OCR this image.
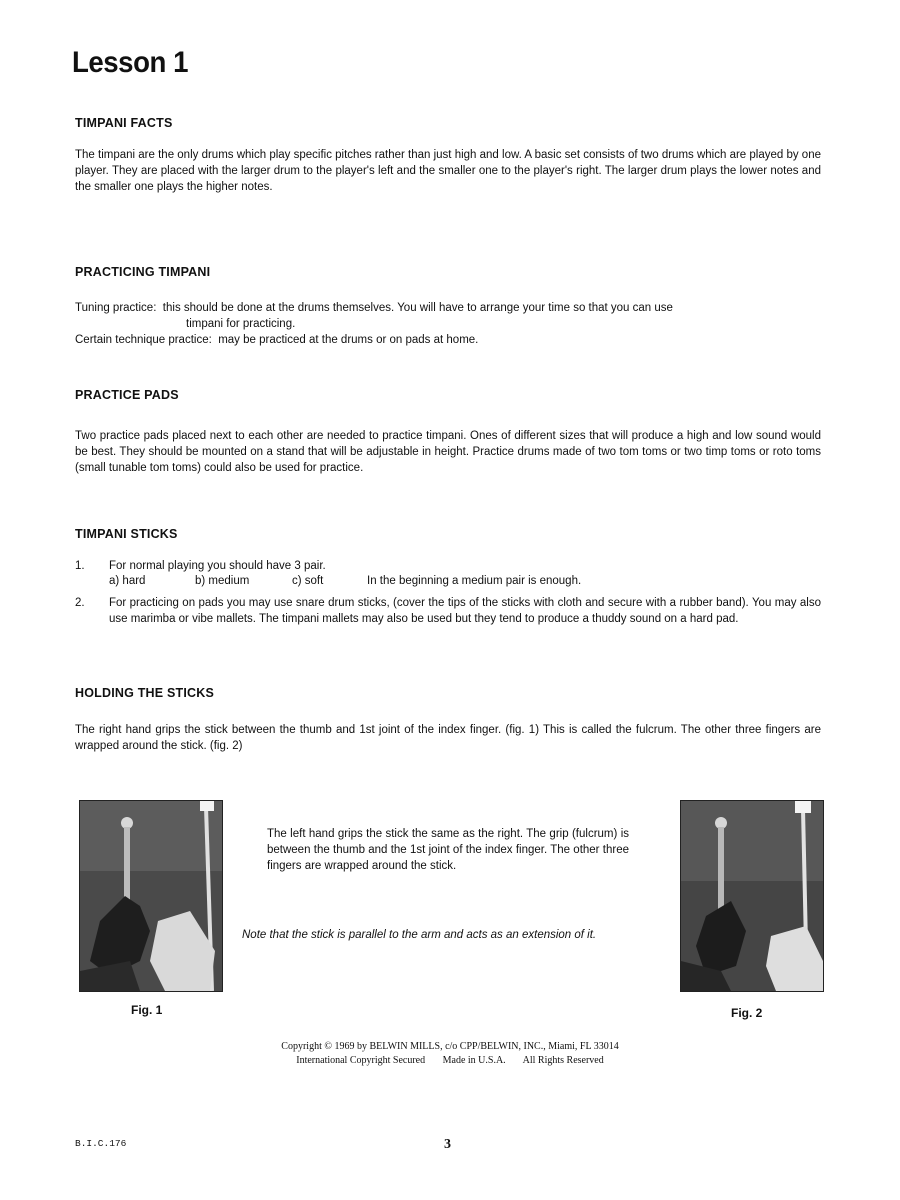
Lesson 1
TIMPANI FACTS
The timpani are the only drums which play specific pitches rather than just high and low. A basic set consists of two drums which are played by one player. They are placed with the larger drum to the player's left and the smaller one to the player's right. The larger drum plays the lower notes and the smaller one plays the higher notes.
PRACTICING TIMPANI
Tuning practice: this should be done at the drums themselves. You will have to arrange your time so that you can use
timpani for practicing.
Certain technique practice: may be practiced at the drums or on pads at home.
PRACTICE PADS
Two practice pads placed next to each other are needed to practice timpani. Ones of different sizes that will produce a high and low sound would be best. They should be mounted on a stand that will be adjustable in height. Practice drums made of two tom toms or two timp toms or roto toms (small tunable tom toms) could also be used for practice.
TIMPANI STICKS
1. For normal playing you should have 3 pair.
a) hard	b) medium	c) soft	In the beginning a medium pair is enough.
2.	For practicing on pads you may use snare drum sticks, (cover the tips of the sticks with cloth and secure with a rubber band). You may also use marimba or vibe mallets. The timpani mallets may also be used but they tend to produce a thuddy sound on a hard pad.
HOLDING THE STICKS
The right hand grips the stick between the thumb and 1st joint of the index finger. (fig. 1) This is called the fulcrum. The other three fingers are wrapped around the stick. (fig. 2)
Fig. 1
The left hand grips the stick the same as the right. The grip (fulcrum) is between the thumb and the 1st joint of the index finger. The other three fingers are wrapped around the stick.
Note that the stick is parallel to the arm and acts as an extension of it.
Fig. 2
Copyright © 1969 by BELWIN MILLS, c/o CPP/BELWIN, INC., Miami, FL 33014
International Copyright Secured Made in U.S.A. All Rights Reserved
B.I.C.176	3
